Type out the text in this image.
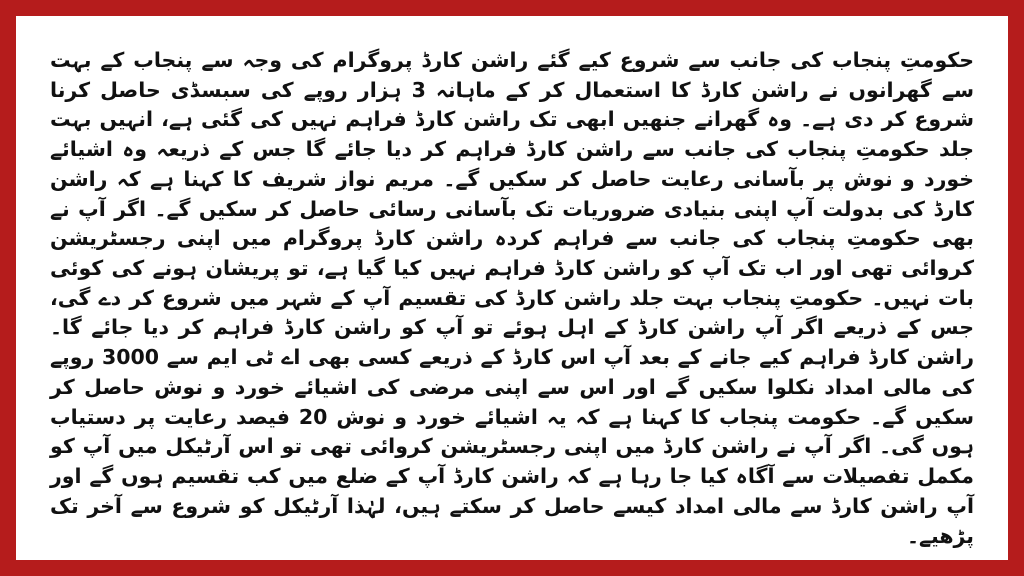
حکومتِ پنجاب کی جانب سے شروع کیے گئے راشن کارڈ پروگرام کی وجہ سے پنجاب کے بہت سے گھرانوں نے راشن کارڈ کا استعمال کر کے ماہانہ 3 ہزار روپے کی سبسڈی حاصل کرنا شروع کر دی ہے۔ وہ گھرانے جنھیں ابھی تک راشن کارڈ فراہم نہیں کی گئی ہے، انہیں بہت جلد حکومتِ پنجاب کی جانب سے راشن کارڈ فراہم کر دیا جائے گا جس کے ذریعہ وہ اشیائے خورد و نوش پر بآسانی رعایت حاصل کر سکیں گے۔ مریم نواز شریف کا کہنا ہے کہ راشن کارڈ کی بدولت آپ اپنی بنیادی ضروریات تک بآسانی رسائی حاصل کر سکیں گے۔ اگر آپ نے بھی حکومتِ پنجاب کی جانب سے فراہم کردہ راشن کارڈ پروگرام میں اپنی رجسٹریشن کروائی تھی اور اب تک آپ کو راشن کارڈ فراہم نہیں کیا گیا ہے، تو پریشان ہونے کی کوئی بات نہیں۔ حکومتِ پنجاب بہت جلد راشن کارڈ کی تقسیم آپ کے شہر میں شروع کر دے گی، جس کے ذریعے اگر آپ راشن کارڈ کے اہل ہوئے تو آپ کو راشن کارڈ فراہم کر دیا جائے گا۔ راشن کارڈ فراہم کیے جانے کے بعد آپ اس کارڈ کے ذریعے کسی بھی اے ٹی ایم سے 3000 روپے کی مالی امداد نکلوا سکیں گے اور اس سے اپنی مرضی کی اشیائے خورد و نوش حاصل کر سکیں گے۔ حکومت پنجاب کا کہنا ہے کہ یہ اشیائے خورد و نوش 20 فیصد رعایت پر دستیاب ہوں گی۔ اگر آپ نے راشن کارڈ میں اپنی رجسٹریشن کروائی تھی تو اس آرٹیکل میں آپ کو مکمل تفصیلات سے آگاہ کیا جا رہا ہے کہ راشن کارڈ آپ کے ضلع میں کب تقسیم ہوں گے اور آپ راشن کارڈ سے مالی امداد کیسے حاصل کر سکتے ہیں، لہٰذا آرٹیکل کو شروع سے آخر تک پڑھیے۔
